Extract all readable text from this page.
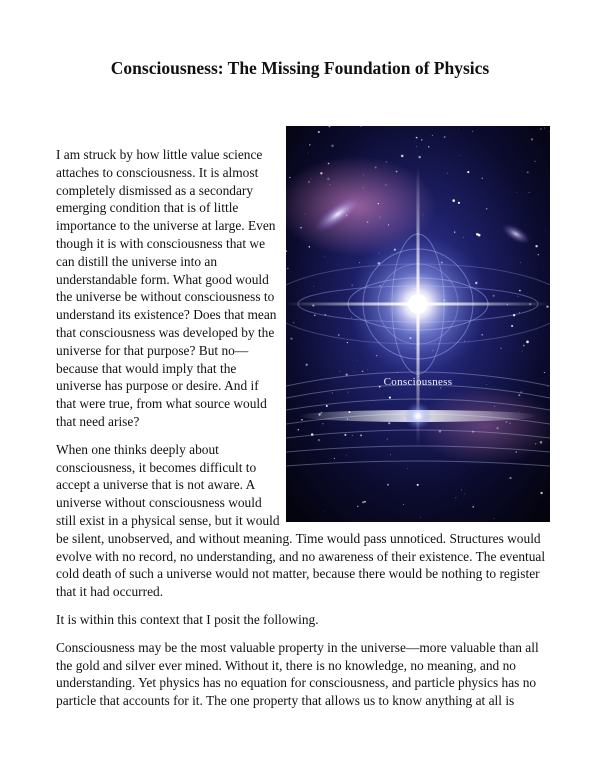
Consciousness: The Missing Foundation of Physics
Consciousness

I am struck by how little value science attaches to consciousness. It is almost completely dismissed as a secondary emerging condition that is of little importance to the universe at large. Even though it is with consciousness that we can distill the universe into an understandable form. What good would the universe be without consciousness to understand its existence? Does that mean that consciousness was developed by the universe for that purpose? But no—because that would imply that the universe has purpose or desire. And if that were true, from what source would that need arise?

When one thinks deeply about consciousness, it becomes difficult to accept a universe that is not aware. A universe without consciousness would still exist in a physical sense, but it would be silent, unobserved, and without meaning. Time would pass unnoticed. Structures would evolve with no record, no understanding, and no awareness of their existence. The eventual cold death of such a universe would not matter, because there would be nothing to register that it had occurred.

It is within this context that I posit the following.

Consciousness may be the most valuable property in the universe—more valuable than all the gold and silver ever mined. Without it, there is no knowledge, no meaning, and no understanding. Yet physics has no equation for consciousness, and particle physics has no particle that accounts for it. The one property that allows us to know anything at all is
